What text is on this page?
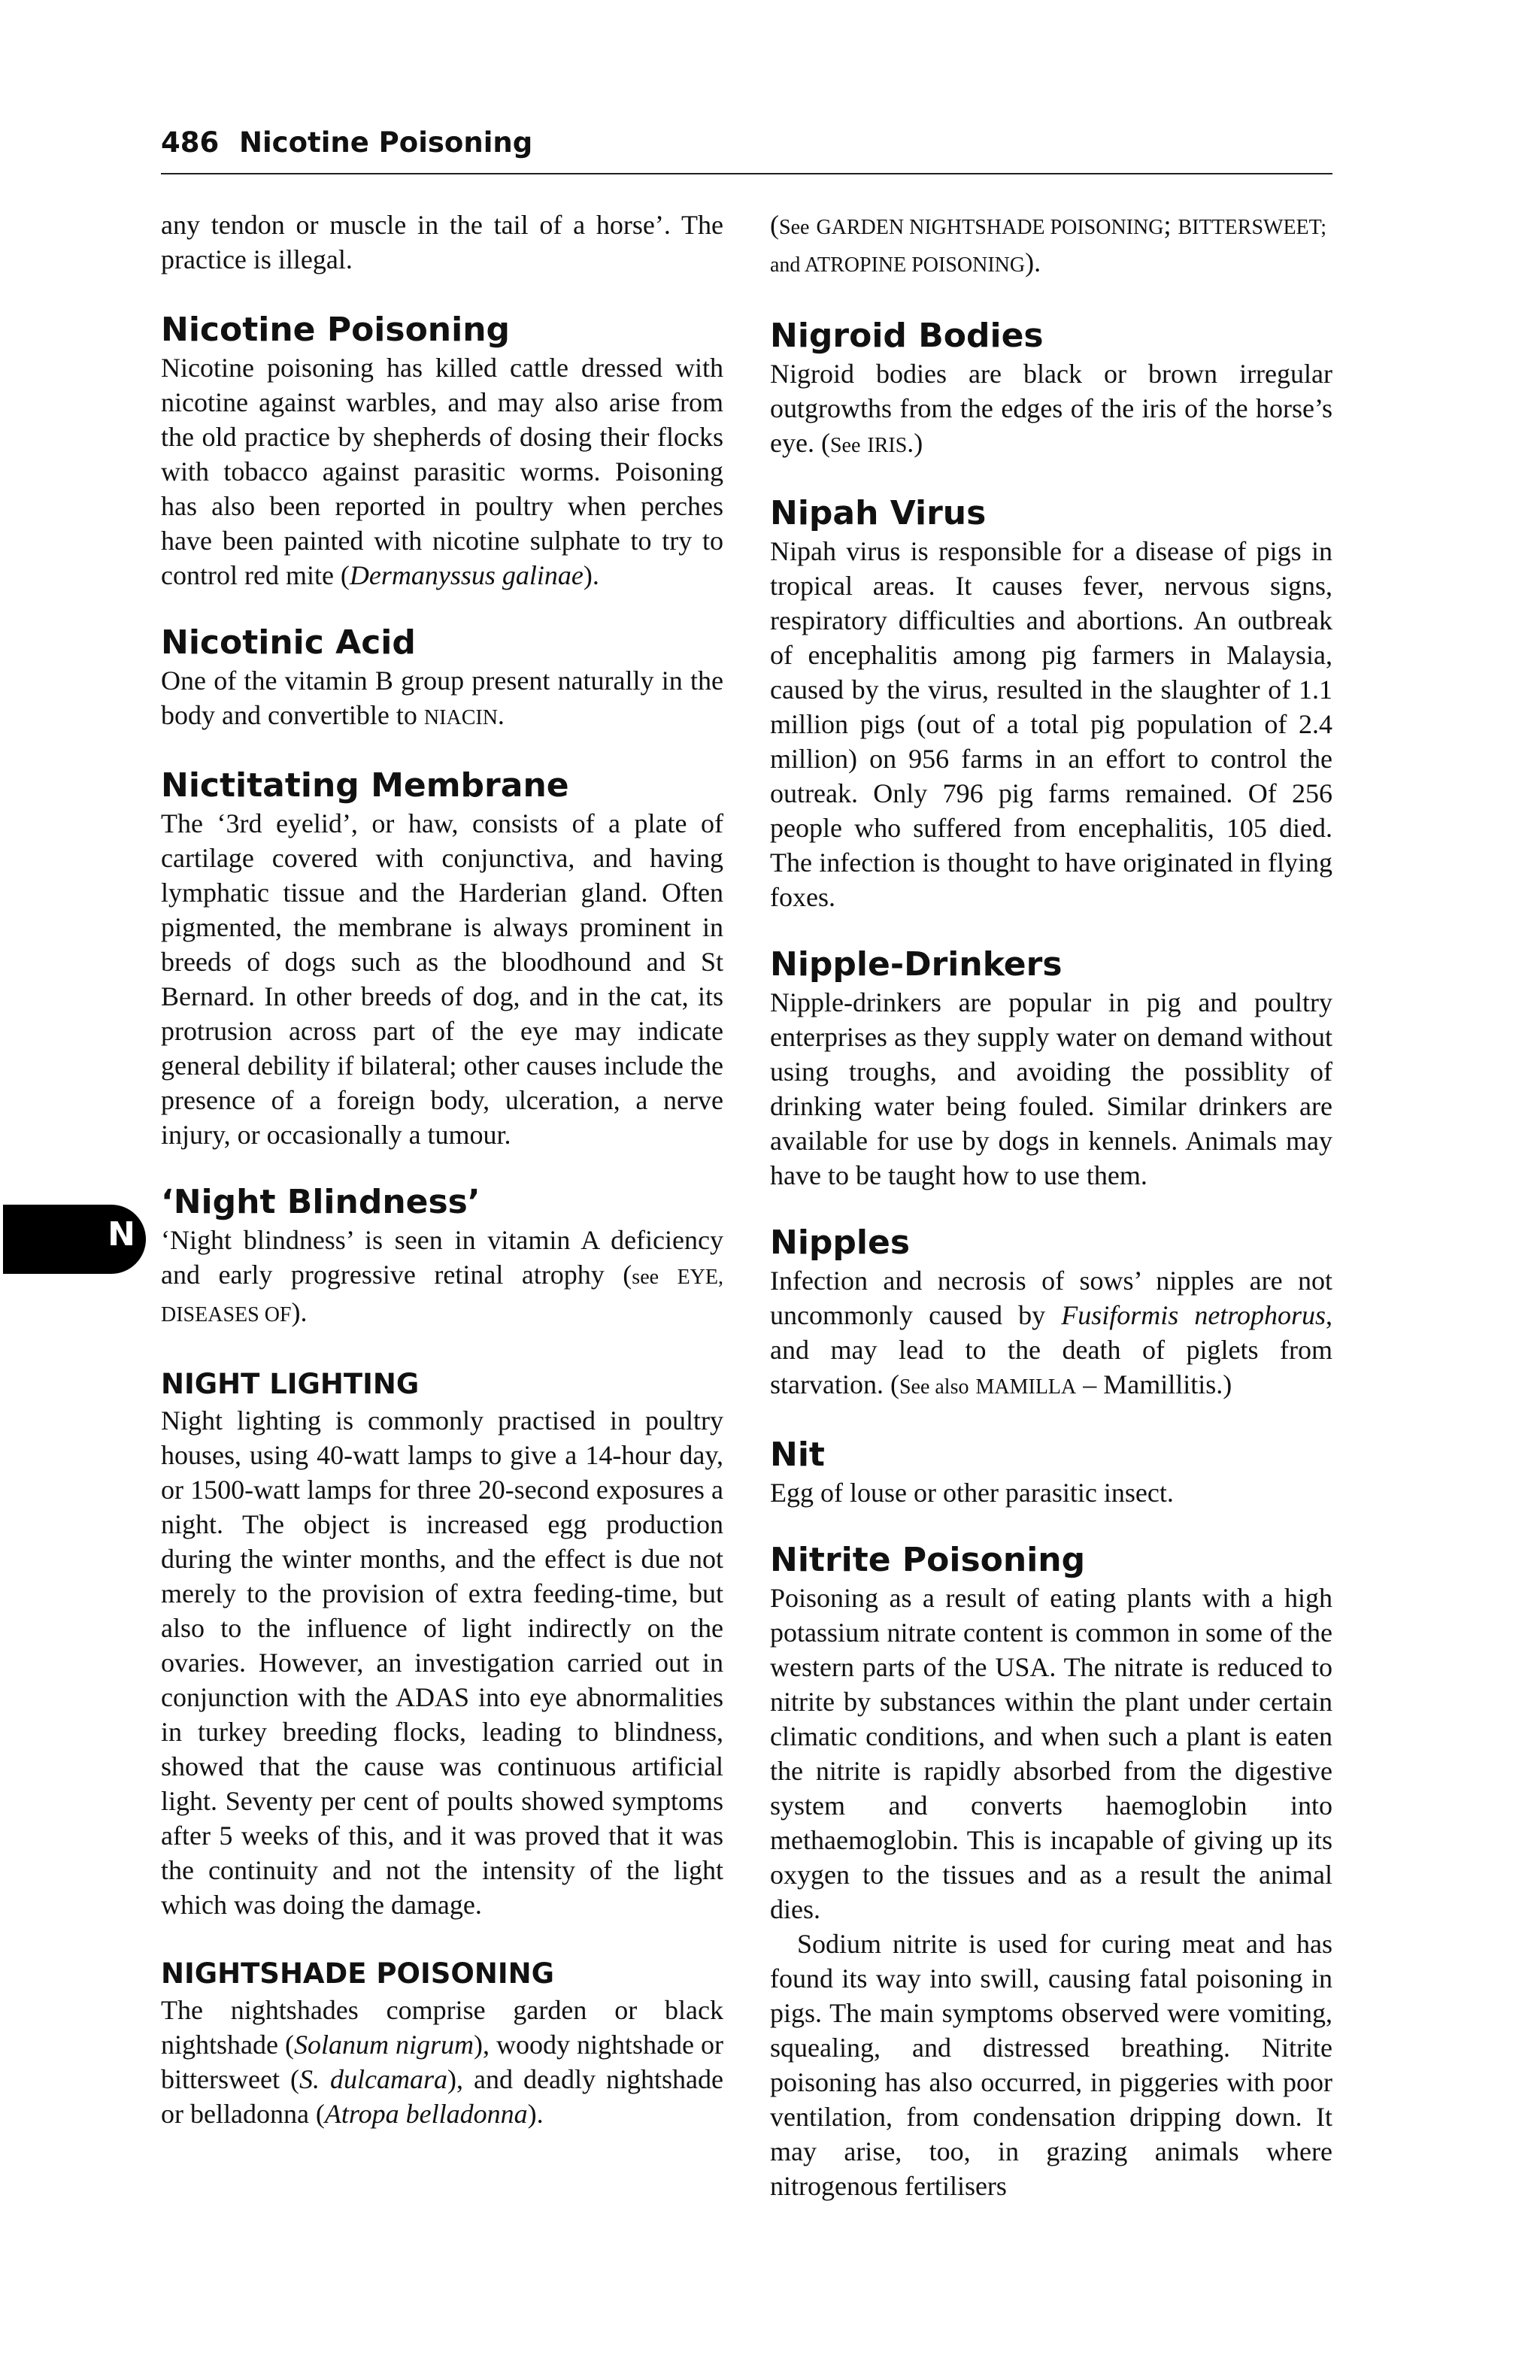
486 Nicotine Poisoning
N

any tendon or muscle in the tail of a horse’. The practice is illegal.

Nicotine Poisoning

Nicotine poisoning has killed cattle dressed with nicotine against warbles, and may also arise from the old practice by shepherds of dosing their flocks with tobacco against parasitic worms. Poisoning has also been reported in poultry when perches have been painted with nicotine sulphate to try to control red mite (Dermanyssus galinae).

Nicotinic Acid

One of the vitamin B group present naturally in the body and convertible to NIACIN.

Nictitating Membrane

The ‘3rd eyelid’, or haw, consists of a plate of cartilage covered with conjunctiva, and having lymphatic tissue and the Harderian gland. Often pigmented, the membrane is always prominent in breeds of dogs such as the bloodhound and St Bernard. In other breeds of dog, and in the cat, its protrusion across part of the eye may indicate general debility if bilateral; other causes include the presence of a foreign body, ulceration, a nerve injury, or occasionally a tumour.

‘Night Blindness’

‘Night blindness’ is seen in vitamin A deficiency and early progressive retinal atrophy (see EYE, DISEASES OF).

NIGHT LIGHTING

Night lighting is commonly practised in poultry houses, using 40-watt lamps to give a 14-hour day, or 1500-watt lamps for three 20-second exposures a night. The object is increased egg production during the winter months, and the effect is due not merely to the provision of extra feeding-time, but also to the influence of light indirectly on the ovaries. However, an investigation carried out in conjunction with the ADAS into eye abnormalities in turkey breeding flocks, leading to blindness, showed that the cause was continuous artificial light. Seventy per cent of poults showed symptoms after 5 weeks of this, and it was proved that it was the continuity and not the intensity of the light which was doing the damage.

NIGHTSHADE POISONING

The nightshades comprise garden or black nightshade (Solanum nigrum), woody nightshade or bittersweet (S. dulcamara), and deadly nightshade or belladonna (Atropa belladonna).

(See GARDEN NIGHTSHADE POISONING; BITTERSWEET; and ATROPINE POISONING).

Nigroid Bodies

Nigroid bodies are black or brown irregular outgrowths from the edges of the iris of the horse’s eye. (See IRIS.)

Nipah Virus

Nipah virus is responsible for a disease of pigs in tropical areas. It causes fever, nervous signs, respiratory difficulties and abortions. An outbreak of encephalitis among pig farmers in Malaysia, caused by the virus, resulted in the slaughter of 1.1 million pigs (out of a total pig population of 2.4 million) on 956 farms in an effort to control the outreak. Only 796 pig farms remained. Of 256 people who suffered from encephalitis, 105 died. The infection is thought to have originated in flying foxes.

Nipple-Drinkers

Nipple-drinkers are popular in pig and poultry enterprises as they supply water on demand without using troughs, and avoiding the possiblity of drinking water being fouled. Similar drinkers are available for use by dogs in kennels. Animals may have to be taught how to use them.

Nipples

Infection and necrosis of sows’ nipples are not uncommonly caused by Fusiformis netrophorus, and may lead to the death of piglets from starvation. (See also MAMILLA – Mamillitis.)

Nit

Egg of louse or other parasitic insect.

Nitrite Poisoning

Poisoning as a result of eating plants with a high potassium nitrate content is common in some of the western parts of the USA. The nitrate is reduced to nitrite by substances within the plant under certain climatic conditions, and when such a plant is eaten the nitrite is rapidly absorbed from the digestive system and converts haemoglobin into methaemoglobin. This is incapable of giving up its oxygen to the tissues and as a result the animal dies.

Sodium nitrite is used for curing meat and has found its way into swill, causing fatal poisoning in pigs. The main symptoms observed were vomiting, squealing, and distressed breathing. Nitrite poisoning has also occurred, in piggeries with poor ventilation, from condensation dripping down. It may arise, too, in grazing animals where nitrogenous fertilisers
